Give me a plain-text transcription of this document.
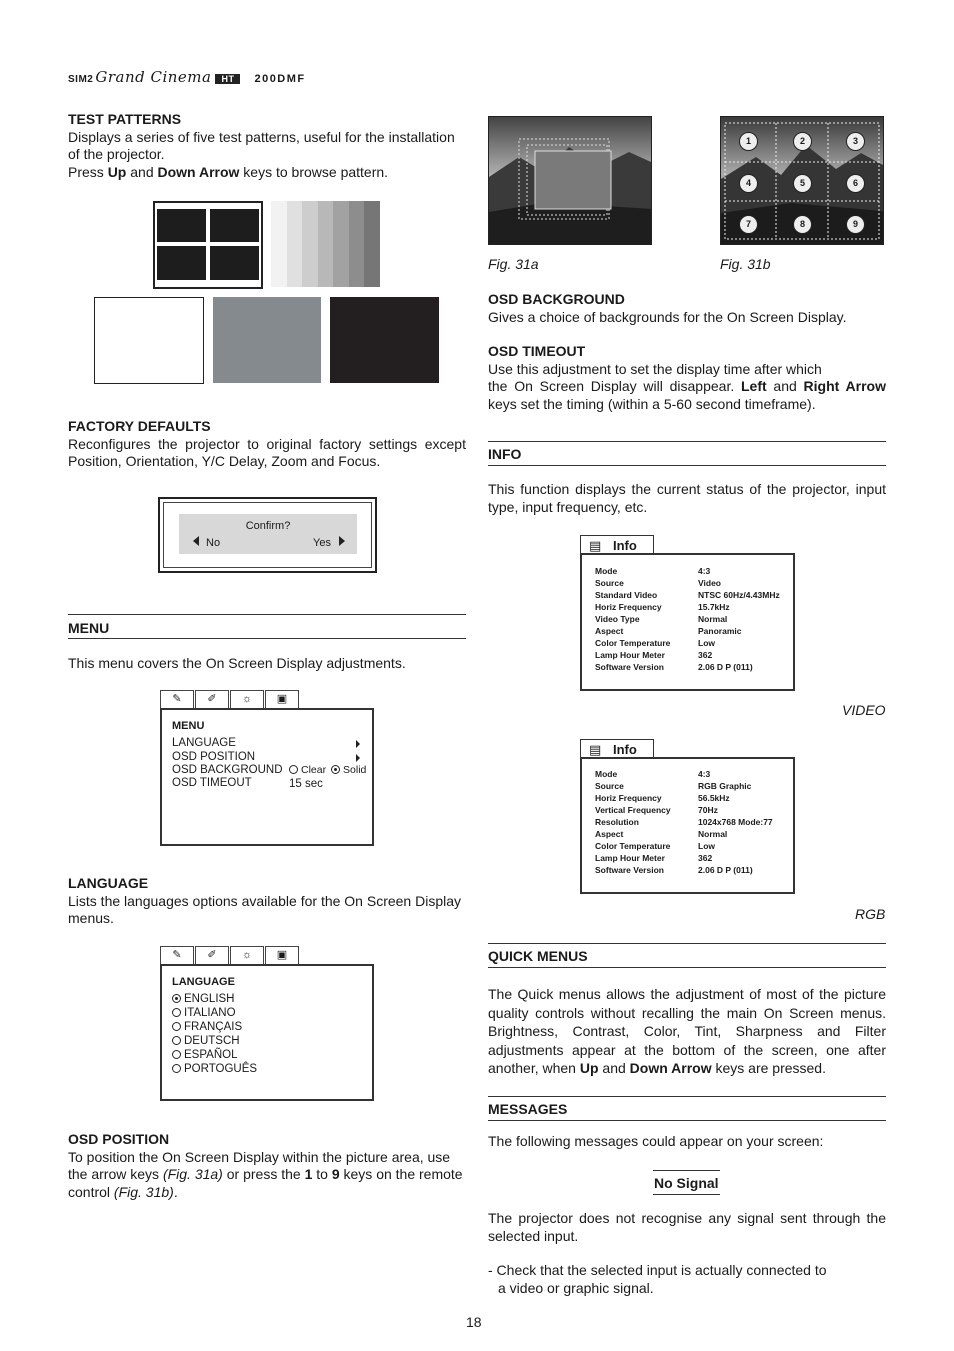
SIM2 Grand Cinema HT 200DMF
TEST PATTERNS

Displays a series of five test patterns, useful for the installation of the projector.

Press Up and Down Arrow keys to browse pattern.

FACTORY DEFAULTS

Reconfigures the projector to original factory settings except Position, Orientation, Y/C Delay, Zoom and Focus.

Confirm?
No	Yes
MENU
This menu covers the On Screen Display adjustments.
✎	✐	☼	▣
MENU
LANGUAGE
OSD POSITION
OSD BACKGROUND	Clear Solid
OSD TIMEOUT	15 sec
LANGUAGE

Lists the languages options available for the On Screen Display menus.

✎	✐	☼	▣
LANGUAGE
ENGLISH
ITALIANO
FRANÇAIS
DEUTSCH
ESPAÑOL
PORTOGUÊS
OSD POSITION

To position the On Screen Display within the picture area, use the arrow keys (Fig. 31a) or press the 1 to 9 keys on the remote control (Fig. 31b).

1	2	3
4	5	6
7	8	9
Fig. 31a	Fig. 31b
OSD BACKGROUND

Gives a choice of backgrounds for the On Screen Display.

OSD TIMEOUT

Use this adjustment to set the display time after which

the On Screen Display will disappear. Left and Right Arrow

keys set the timing (within a 5-60 second timeframe).

INFO
This function displays the current status of the projector, input type, input frequency, etc.
▤ Info
Mode	4:3
Source	Video
Standard Video	NTSC 60Hz/4.43MHz
Horiz Frequency	15.7kHz
Video Type	Normal
Aspect	Panoramic
Color Temperature	Low
Lamp Hour Meter	362
Software Version	2.06 D P (011)
VIDEO
▤ Info
Mode	4:3
Source	RGB Graphic
Horiz Frequency	56.5kHz
Vertical Frequency	70Hz
Resolution	1024x768 Mode:77
Aspect	Normal
Color Temperature	Low
Lamp Hour Meter	362
Software Version	2.06 D P (011)
RGB
QUICK MENUS
The Quick menus allows the adjustment of most of the picture quality controls without recalling the main On Screen menus. Brightness, Contrast, Color, Tint, Sharpness and Filter adjustments appear at the bottom of the screen, one after another, when Up and Down Arrow keys are pressed.
MESSAGES
The following messages could appear on your screen:
No Signal
The projector does not recognise any signal sent through the selected input.

- Check that the selected input is actually connected to

a video or graphic signal.

18
